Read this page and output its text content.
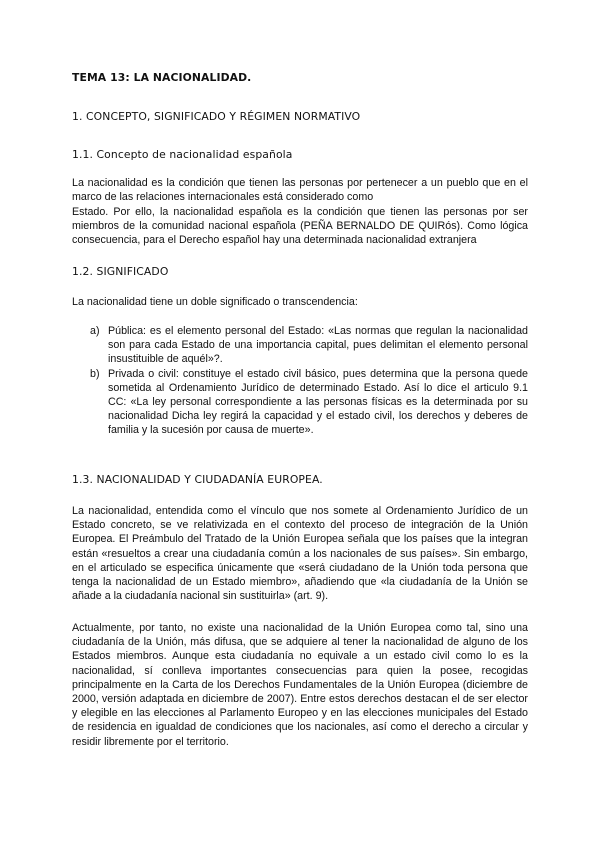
TEMA 13: LA NACIONALIDAD.
1. CONCEPTO, SIGNIFICADO Y RÉGIMEN NORMATIVO
1.1. Concepto de nacionalidad española

La nacionalidad es la condición que tienen las personas por pertenecer a un pueblo que en el marco de las relaciones internacionales está considerado como

Estado. Por ello, la nacionalidad española es la condición que tienen las personas por ser miembros de la comunidad nacional española (PEÑA BERNALDO DE QUIRós). Como lógica consecuencia, para el Derecho español hay una determinada nacionalidad extranjera

1.2. SIGNIFICADO

La nacionalidad tiene un doble significado o transcendencia:

a) Pública: es el elemento personal del Estado: «Las normas que regulan la nacionalidad son para cada Estado de una importancia capital, pues delimitan el elemento personal insustituible de aquél»?.
b) Privada o civil: constituye el estado civil básico, pues determina que la persona quede sometida al Ordenamiento Jurídico de determinado Estado. Así lo dice el articulo 9.1 CC: «La ley personal correspondiente a las personas físicas es la determinada por su nacionalidad Dicha ley regirá la capacidad y el estado civil, los derechos y deberes de familia y la sucesión por causa de muerte».
1.3. NACIONALIDAD Y CIUDADANÍA EUROPEA.

La nacionalidad, entendida como el vínculo que nos somete al Ordenamiento Jurídico de un Estado concreto, se ve relativizada en el contexto del proceso de integración de la Unión Europea. El Preámbulo del Tratado de la Unión Europea señala que los países que la integran están «resueltos a crear una ciudadanía común a los nacionales de sus países». Sin embargo, en el articulado se especifica únicamente que «será ciudadano de la Unión toda persona que tenga la nacionalidad de un Estado miembro», añadiendo que «la ciudadanía de la Unión se añade a la ciudadanía nacional sin sustituirla» (art. 9).

Actualmente, por tanto, no existe una nacionalidad de la Unión Europea como tal, sino una ciudadanía de la Unión, más difusa, que se adquiere al tener la nacionalidad de alguno de los Estados miembros. Aunque esta ciudadanía no equivale a un estado civil como lo es la nacionalidad, sí conlleva importantes consecuencias para quien la posee, recogidas principalmente en la Carta de los Derechos Fundamentales de la Unión Europea (diciembre de 2000, versión adaptada en diciembre de 2007). Entre estos derechos destacan el de ser elector y elegible en las elecciones al Parlamento Europeo y en las elecciones municipales del Estado de residencia en igualdad de condiciones que los nacionales, así como el derecho a circular y residir libremente por el territorio.
